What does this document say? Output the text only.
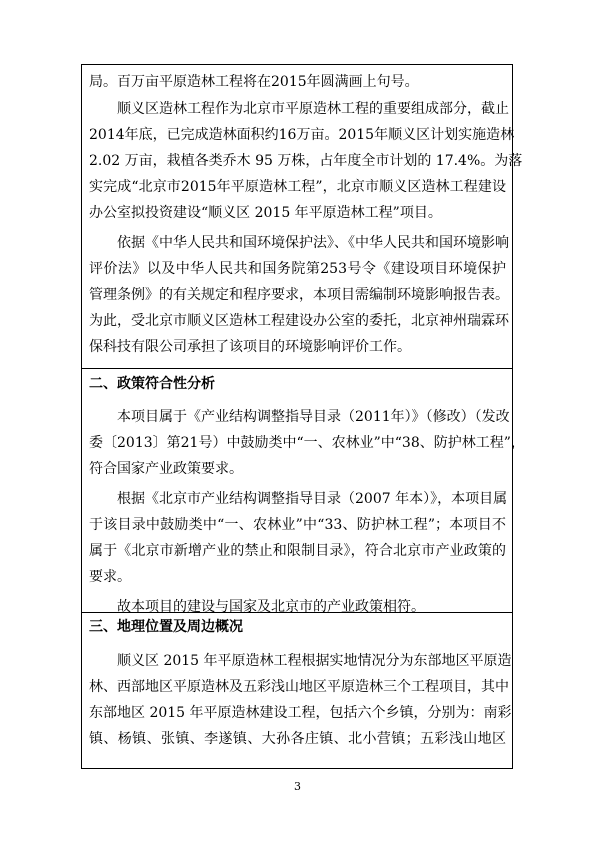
局。百万亩平原造林工程将在2015年圆满画上句号。
顺义区造林工程作为北京市平原造林工程的重要组成部分，截止
2014年底，已完成造林面积约16万亩。2015年顺义区计划实施造林
2.02 万亩，栽植各类乔木 95 万株，占年度全市计划的 17.4%。为落
实完成“北京市2015年平原造林工程”，北京市顺义区造林工程建设
办公室拟投资建设“顺义区 2015 年平原造林工程”项目。
依据《中华人民共和国环境保护法》、《中华人民共和国环境影响
评价法》以及中华人民共和国务院第253号令《建设项目环境保护
管理条例》的有关规定和程序要求，本项目需编制环境影响报告表。
为此，受北京市顺义区造林工程建设办公室的委托，北京神州瑞霖环
保科技有限公司承担了该项目的环境影响评价工作。
二、政策符合性分析
本项目属于《产业结构调整指导目录（2011年）》（修改）（发改
委〔2013〕第21号）中鼓励类中“一、农林业”中“38、防护林工程”，
符合国家产业政策要求。
根据《北京市产业结构调整指导目录（2007 年本）》，本项目属
于该目录中鼓励类中“一、农林业”中“33、防护林工程”；本项目不
属于《北京市新增产业的禁止和限制目录》，符合北京市产业政策的
要求。
故本项目的建设与国家及北京市的产业政策相符。
三、地理位置及周边概况
顺义区 2015 年平原造林工程根据实地情况分为东部地区平原造
林、西部地区平原造林及五彩浅山地区平原造林三个工程项目，其中
东部地区 2015 年平原造林建设工程，包括六个乡镇，分别为：南彩
镇、杨镇、张镇、李遂镇、大孙各庄镇、北小营镇；五彩浅山地区
3
